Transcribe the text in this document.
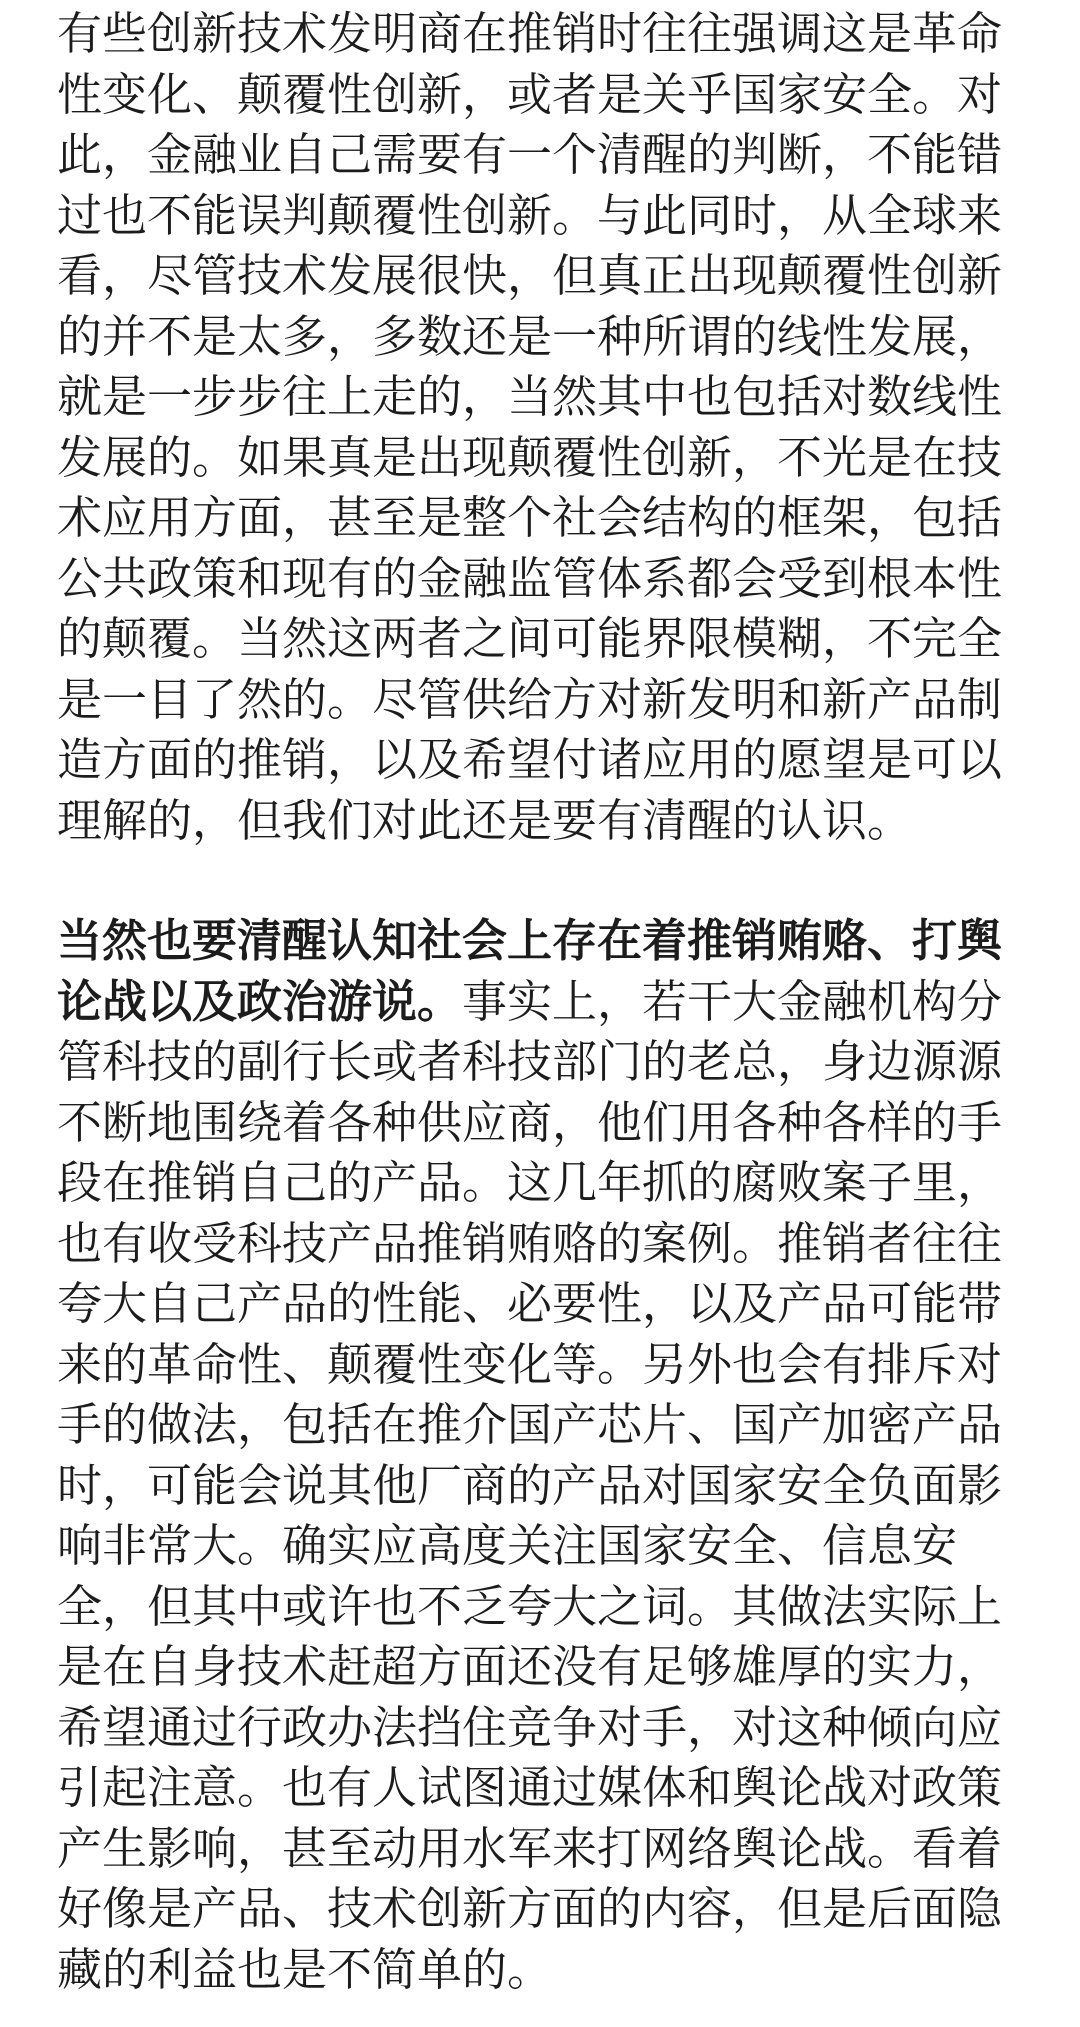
有些创新技术发明商在推销时往往强调这是革命
性变化、颠覆性创新，或者是关乎国家安全。对
此，金融业自己需要有一个清醒的判断，不能错
过也不能误判颠覆性创新。与此同时，从全球来
看，尽管技术发展很快，但真正出现颠覆性创新
的并不是太多，多数还是一种所谓的线性发展，
就是一步步往上走的，当然其中也包括对数线性
发展的。如果真是出现颠覆性创新，不光是在技
术应用方面，甚至是整个社会结构的框架，包括
公共政策和现有的金融监管体系都会受到根本性
的颠覆。当然这两者之间可能界限模糊，不完全
是一目了然的。尽管供给方对新发明和新产品制
造方面的推销，以及希望付诸应用的愿望是可以
理解的，但我们对此还是要有清醒的认识。
当然也要清醒认知社会上存在着推销贿赂、打舆
论战以及政治游说。事实上，若干大金融机构分
管科技的副行长或者科技部门的老总，身边源源
不断地围绕着各种供应商，他们用各种各样的手
段在推销自己的产品。这几年抓的腐败案子里，
也有收受科技产品推销贿赂的案例。推销者往往
夸大自己产品的性能、必要性，以及产品可能带
来的革命性、颠覆性变化等。另外也会有排斥对
手的做法，包括在推介国产芯片、国产加密产品
时，可能会说其他厂商的产品对国家安全负面影
响非常大。确实应高度关注国家安全、信息安
全，但其中或许也不乏夸大之词。其做法实际上
是在自身技术赶超方面还没有足够雄厚的实力，
希望通过行政办法挡住竞争对手，对这种倾向应
引起注意。也有人试图通过媒体和舆论战对政策
产生影响，甚至动用水军来打网络舆论战。看着
好像是产品、技术创新方面的内容，但是后面隐
藏的利益也是不简单的。
